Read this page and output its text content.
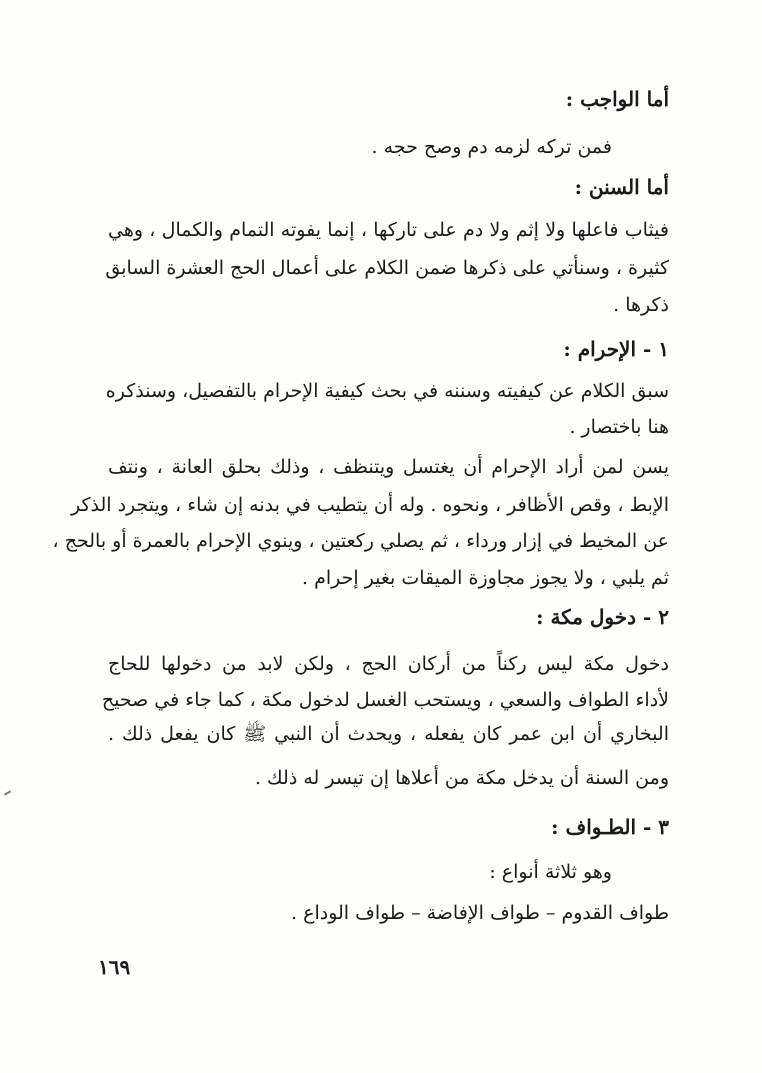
أما الواجب :
فمن تركه لزمه دم وصح حجه .
أما السنن :
فيثاب فاعلها ولا إثم ولا دم على تاركها ، إنما يفوته التمام والكمال ، وهي
كثيرة ، وسنأتي على ذكرها ضمن الكلام على أعمال الحج العشرة السابق
ذكرها .
١ - الإحرام :
سبق الكلام عن كيفيته وسننه في بحث كيفية الإحرام بالتفصيل، وسنذكره
هنا باختصار .
يسن لمن أراد الإحرام أن يغتسل ويتنظف ، وذلك بحلق العانة ، ونتف
الإبط ، وقص الأظافر ، ونحوه . وله أن يتطيب في بدنه إن شاء ، ويتجرد الذكر
عن المخيط في إزار ورداء ، ثم يصلي ركعتين ، وينوي الإحرام بالعمرة أو بالحج ،
ثم يلبي ، ولا يجوز مجاوزة الميقات بغير إحرام .
٢ - دخول مكة :
دخول مكة ليس ركناً من أركان الحج ، ولكن لابد من دخولها للحاج
لأداء الطواف والسعي ، ويستحب الغسل لدخول مكة ، كما جاء في صحيح
البخاري أن ابن عمر كان يفعله ، ويحدث أن النبي ﷺ كان يفعل ذلك .
ومن السنة أن يدخل مكة من أعلاها إن تيسر له ذلك .
٣ - الطـواف :
وهو ثلاثة أنواع :
طواف القدوم – طواف الإفاضة – طواف الوداع .
١٦٩
